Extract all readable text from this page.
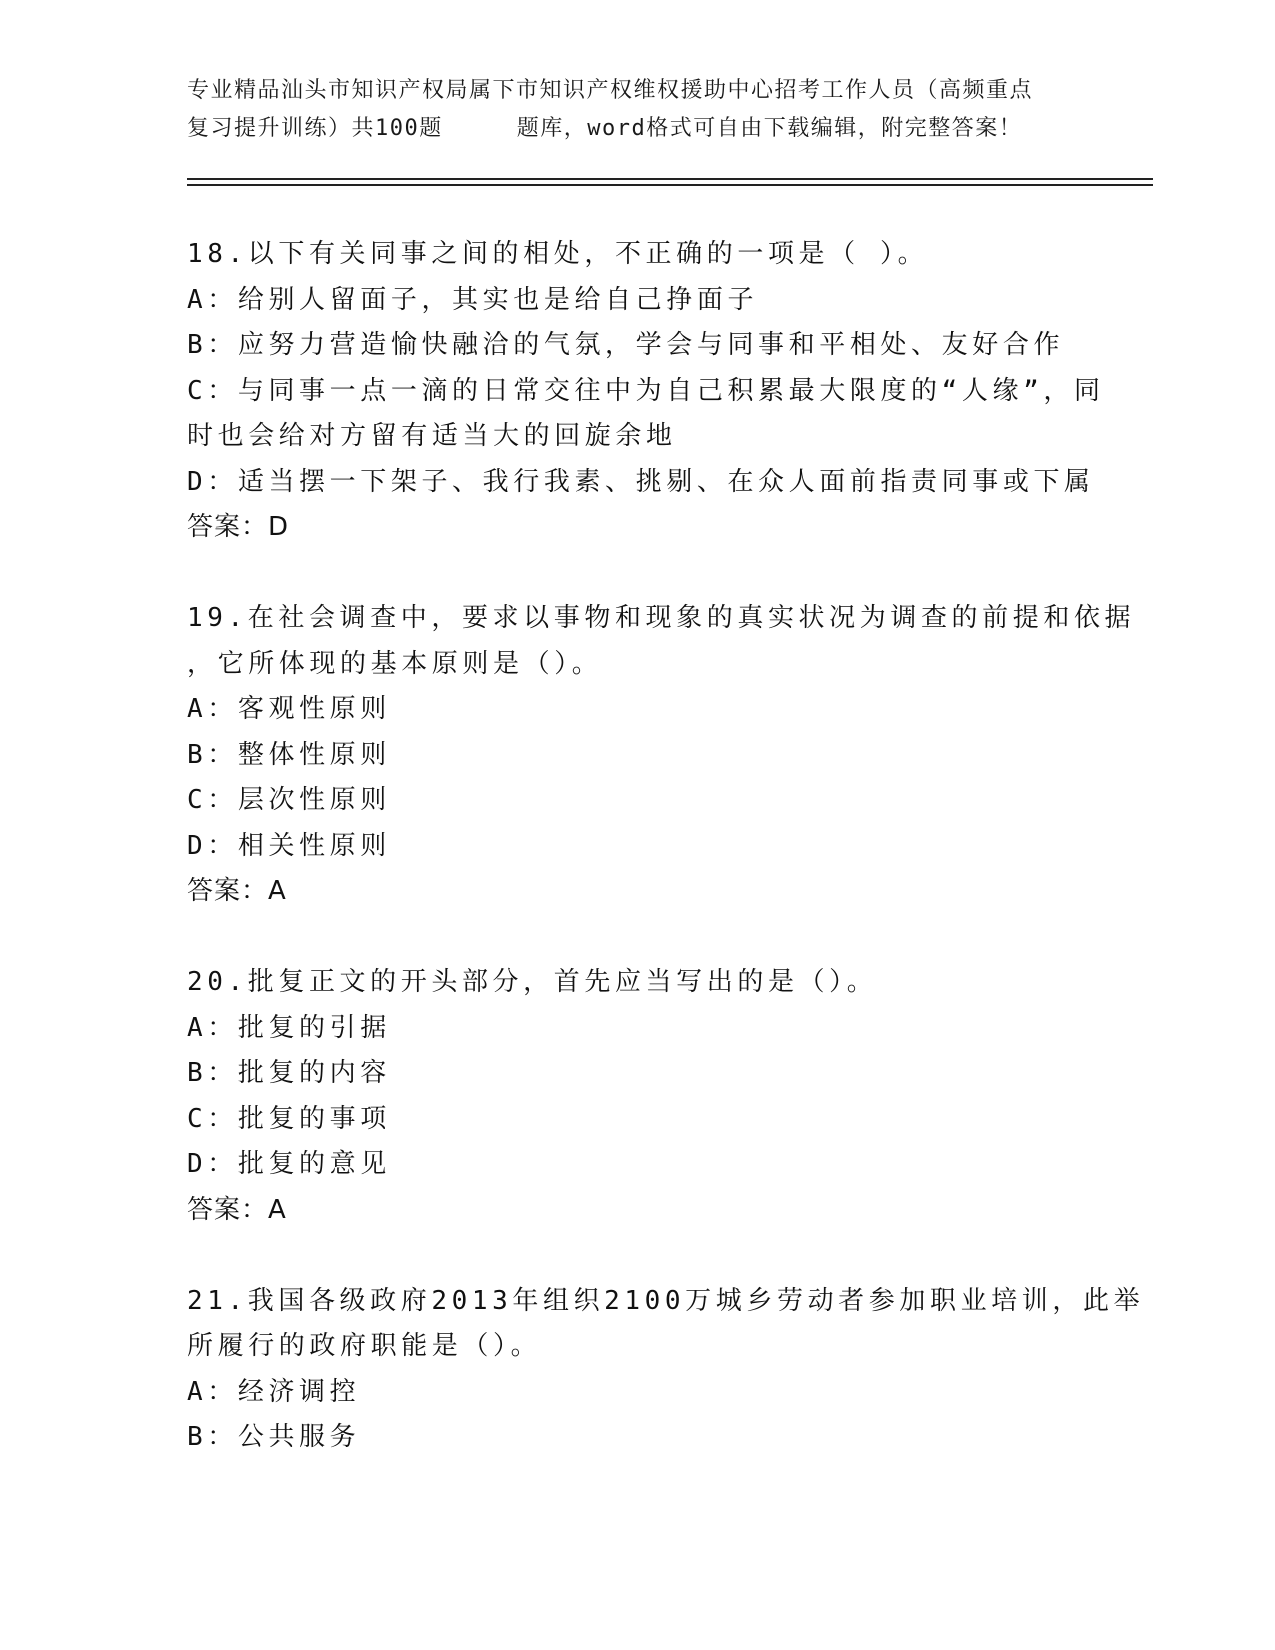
专业精品汕头市知识产权局属下市知识产权维权援助中心招考工作人员（高频重点
复习提升训练）共100题	题库，word格式可自由下载编辑，附完整答案！
18.以下有关同事之间的相处，不正确的一项是（ ）。
A：给别人留面子，其实也是给自己挣面子
B：应努力营造愉快融洽的气氛，学会与同事和平相处、友好合作
C：与同事一点一滴的日常交往中为自己积累最大限度的“人缘”，同
时也会给对方留有适当大的回旋余地
D：适当摆一下架子、我行我素、挑剔、在众人面前指责同事或下属
答案：D
19.在社会调查中，要求以事物和现象的真实状况为调查的前提和依据
，它所体现的基本原则是（）。
A：客观性原则
B：整体性原则
C：层次性原则
D：相关性原则
答案：A
20.批复正文的开头部分，首先应当写出的是（）。
A：批复的引据
B：批复的内容
C：批复的事项
D：批复的意见
答案：A
21.我国各级政府2013年组织2100万城乡劳动者参加职业培训，此举
所履行的政府职能是（）。
A：经济调控
B：公共服务
